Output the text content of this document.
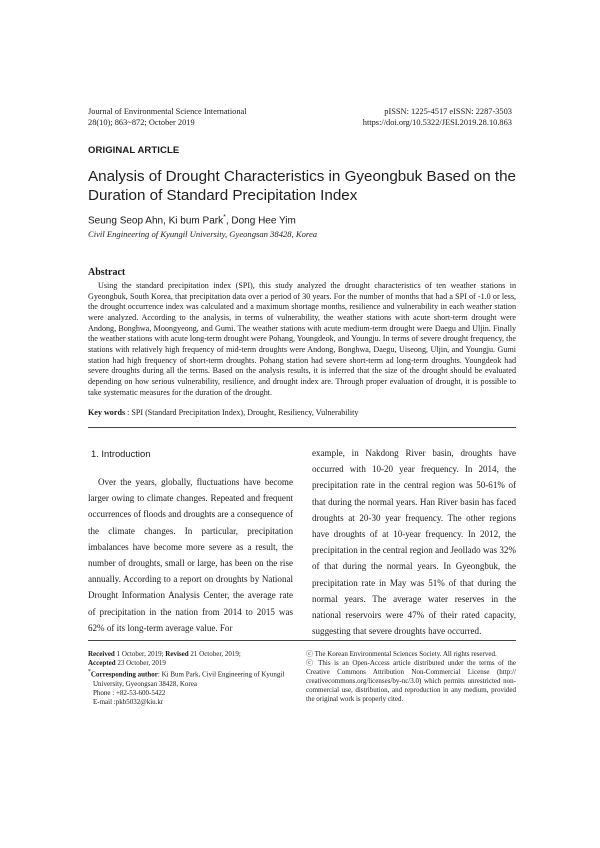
Journal of Environmental Science International
28(10); 863~872; October 2019
pISSN: 1225-4517 eISSN: 2287-3503
https://doi.org/10.5322/JESI.2019.28.10.863
ORIGINAL ARTICLE
Analysis of Drought Characteristics in Gyeongbuk Based on the Duration of Standard Precipitation Index
Seung Seop Ahn, Ki bum Park*, Dong Hee Yim
Civil Engineering of Kyungil University, Gyeongsan 38428, Korea
Abstract

Using the standard precipitation index (SPI), this study analyzed the drought characteristics of ten weather stations in Gyeongbuk, South Korea, that precipitation data over a period of 30 years. For the number of months that had a SPI of -1.0 or less, the drought occurrence index was calculated and a maximum shortage months, resilience and vulnerability in each weather station were analyzed. According to the analysis, in terms of vulnerability, the weather stations with acute short-term drought were Andong, Bonghwa, Moongyeong, and Gumi. The weather stations with acute medium-term drought were Daegu and Uljin. Finally the weather stations with acute long-term drought were Pohang, Youngdeok, and Youngju. In terms of severe drought frequency, the stations with relatively high frequency of mid-term droughts were Andong, Bonghwa, Daegu, Uiseong, Uljin, and Youngju. Gumi station had high frequency of short-term droughts. Pohang station had severe short-term ad long-term droughts. Youngdeok had severe droughts during all the terms. Based on the analysis results, it is inferred that the size of the drought should be evaluated depending on how serious vulnerability, resilience, and drought index are. Through proper evaluation of drought, it is possible to take systematic measures for the duration of the drought.

Key words : SPI (Standard Precipitation Index), Drought, Resiliency, Vulnerability
1. Introduction

Over the years, globally, fluctuations have become larger owing to climate changes. Repeated and frequent occurrences of floods and droughts are a consequence of the climate changes. In particular, precipitation imbalances have become more severe as a result, the number of droughts, small or large, has been on the rise annually. According to a report on droughts by National Drought Information Analysis Center, the average rate of precipitation in the nation from 2014 to 2015 was 62% of its long-term average value. For

example, in Nakdong River basin, droughts have occurred with 10-20 year frequency. In 2014, the precipitation rate in the central region was 50-61% of that during the normal years. Han River basin has faced droughts at 20-30 year frequency. The other regions have droughts of at 10-year frequency. In 2012, the precipitation in the central region and Jeollado was 32% of that during the normal years. In Gyeongbuk, the precipitation rate in May was 51% of that during the normal years. The average water reserves in the national reservoirs were 47% of their rated capacity, suggesting that severe droughts have occurred.

Received 1 October, 2019; Revised 21 October, 2019;
Accepted 23 October, 2019
*Corresponding author: Ki Bum Park, Civil Engineering of Kyungil
University, Gyeongsan 38428, Korea
Phone : +82-53-600-5422
E-mail :pkb5032@kiu.kr
ⓒ The Korean Environmental Sciences Society. All rights reserved.
ⓒ This is an Open-Access article distributed under the terms of the Creative Commons Attribution Non-Commercial License (http:// creativecommons.org/licenses/by-nc/3.0) which permits unrestricted non-commercial use, distribution, and reproduction in any medium, provided the original work is properly cited.
